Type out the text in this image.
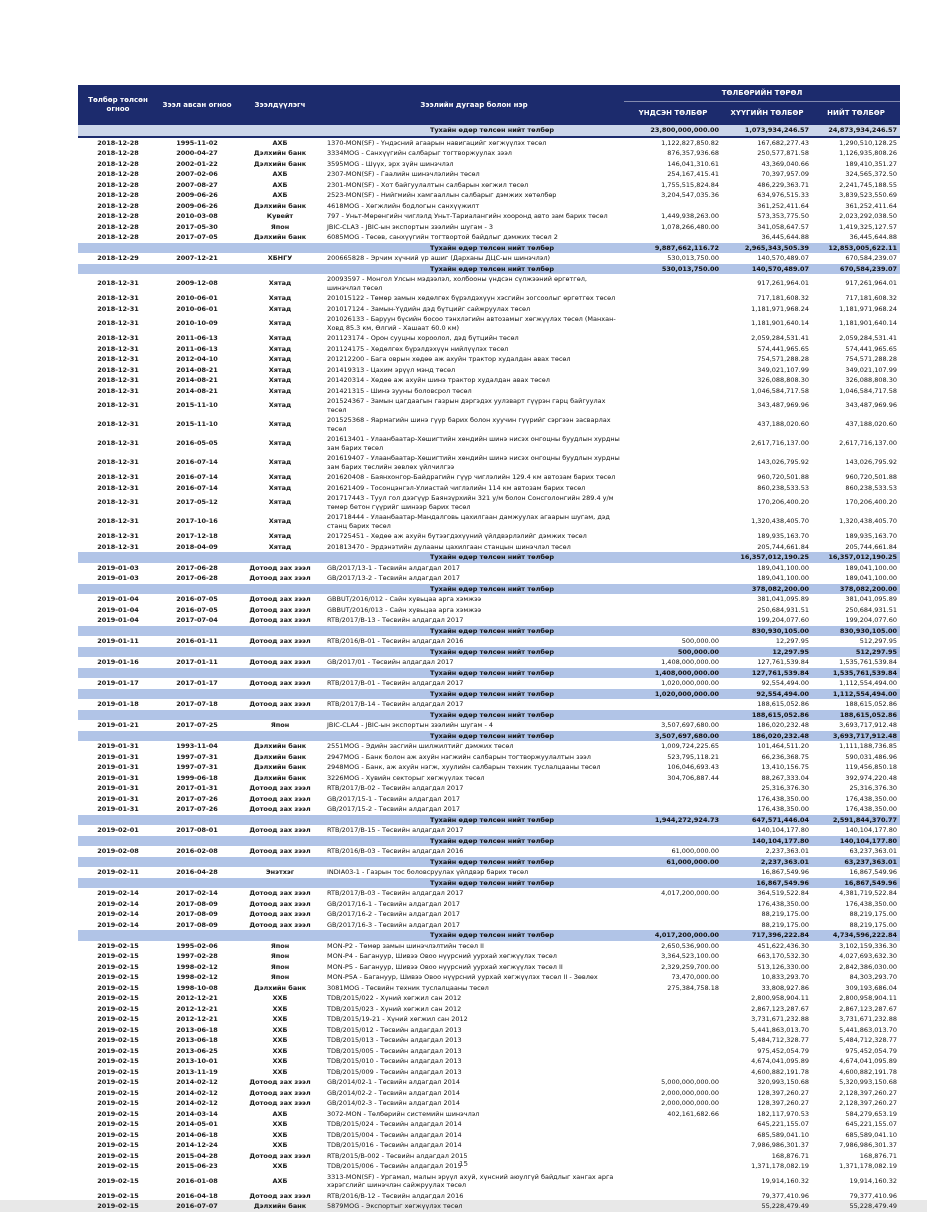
Төлбөр төлсөн огноо	Зээл авсан огноо	Зээлдүүлэгч	Зээлийн дугаар болон нэр	ТӨЛБӨРИЙН ТӨРӨЛ		
				ҮНДСЭН ТӨЛБӨР	ХҮҮГИЙН ТӨЛБӨР	НИЙТ ТӨЛБӨР
Тухайн өдөр төлсөн нийт төлбөр				23,800,000,000.00	1,073,934,246.57	24,873,934,246.57
2018-12-28	1995-11-02	АХБ	1370-MON(SF) - Үндэсний агаарын навигацийг хөгжүүлэх төсөл	1,122,827,850.82	167,682,277.43	1,290,510,128.25
2018-12-28	2000-04-27	Дэлхийн банк	3334MOG - Санхүүгийн салбарыг тогтворжуулах зээл	876,357,936.68	250,577,871.58	1,126,935,808.26
2018-12-28	2002-01-22	Дэлхийн банк	3595MOG - Шүүх, эрх зүйн шинэчлэл	146,041,310.61	43,369,040.66	189,410,351.27
2018-12-28	2007-02-06	АХБ	2307-MON(SF) - Гаалийн шинэчлэлийн төсөл	254,167,415.41	70,397,957.09	324,565,372.50
2018-12-28	2007-08-27	АХБ	2301-MON(SF) - Хот байгуулалтын салбарын хөгжил төсөл	1,755,515,824.84	486,229,363.71	2,241,745,188.55
2018-12-28	2009-06-26	АХБ	2523-MON(SF) - Нийгмийн хамгааллын салбарыг дэмжих хөтөлбөр	3,204,547,035.36	634,976,515.33	3,839,523,550.69
2018-12-28	2009-06-26	Дэлхийн банк	4618MOG - Хөгжлийн бодлогын санхүүжилт		361,252,411.64	361,252,411.64
2018-12-28	2010-03-08	Кувейт	797 - Уньт-Мөрөнгийн чиглэлд Уньт-Тариалангийн хооронд авто зам барих төсөл	1,449,938,263.00	573,353,775.50	2,023,292,038.50
2018-12-28	2017-05-30	Япон	JBIC-CLA3 - JBIC-ын экспортын зээлийн шугам - 3	1,078,266,480.00	341,058,647.57	1,419,325,127.57
2018-12-28	2017-07-05	Дэлхийн банк	6085MOG - Төсөв, санхүүгийн тогтвортой байдлыг дэмжих төсөл 2		36,445,644.88	36,445,644.88
Тухайн өдөр төлсөн нийт төлбөр				9,887,662,116.72	2,965,343,505.39	12,853,005,622.11
2018-12-29	2007-12-21	ХБНГУ	200665828 - Эрчим хүчний үр ашиг (Дарханы ДЦС-ын шинэчлэл)	530,013,750.00	140,570,489.07	670,584,239.07
Тухайн өдөр төлсөн нийт төлбөр				530,013,750.00	140,570,489.07	670,584,239.07
2018-12-31	2009-12-08	Хятад	20093597 - Монгол Улсын мэдээлэл, холбооны үндсэн сүлжээний өргөтгөл, шинэчлэл төсөл		917,261,964.01	917,261,964.01
2018-12-31	2010-06-01	Хятад	201015122 - Төмөр замын хөдөлгөх бүрэлдэхүүн хэсгийн зогсоолыг өргөтгөх төсөл		717,181,608.32	717,181,608.32
2018-12-31	2010-06-01	Хятад	201017124 - Замын-Үүдийн дэд бүтцийг сайжруулах төсөл		1,181,971,968.24	1,181,971,968.24
2018-12-31	2010-10-09	Хятад	201026133 - Баруун бүсийн босоо тэнхлэгийн автозамыг хөгжүүлэх төсөл (Манхан-Ховд 85.3 км, Өлгий - Хашаат 60.0 км)		1,181,901,640.14	1,181,901,640.14
2018-12-31	2011-06-13	Хятад	201123174 - Орон сууцны хороолол, дэд бүтцийн төсөл		2,059,284,531.41	2,059,284,531.41
2018-12-31	2011-06-13	Хятад	201124175 - Хөдөлгөх бүрэлдэхүүн нийлүүлэх төсөл		574,441,965.65	574,441,965.65
2018-12-31	2012-04-10	Хятад	201212200 - Бага оврын хөдөө аж ахуйн трактор худалдан авах төсөл		754,571,288.28	754,571,288.28
2018-12-31	2014-08-21	Хятад	201419313 - Цахим эрүүл мэнд төсөл		349,021,107.99	349,021,107.99
2018-12-31	2014-08-21	Хятад	201420314 - Хөдөө аж ахуйн шинэ трактор худалдан авах төсөл		326,088,808.30	326,088,808.30
2018-12-31	2014-08-21	Хятад	201421315 - Шинэ зууны боловсрол төсөл		1,046,584,717.58	1,046,584,717.58
2018-12-31	2015-11-10	Хятад	201524367 - Замын цагдаагын газрын дэргэдэх уулзварт гүүрэн гарц байгуулах төсөл		343,487,969.96	343,487,969.96
2018-12-31	2015-11-10	Хятад	201525368 - Яармагийн шинэ гүүр барих болон хуучин гүүрийг сэргээн засварлах төсөл		437,188,020.60	437,188,020.60
2018-12-31	2016-05-05	Хятад	201613401 - Улаанбаатар-Хөшигтийн хөндийн шинэ нисэх онгоцны буудлын хурдны зам барих төсөл		2,617,716,137.00	2,617,716,137.00
2018-12-31	2016-07-14	Хятад	201619407 - Улаанбаатар-Хөшигтийн хөндийн шинэ нисэх онгоцны буудлын хурдны зам барих төслийн зөвлөх үйлчилгээ		143,026,795.92	143,026,795.92
2018-12-31	2016-07-14	Хятад	201620408 - Баянхонгор-Байдрагийн гүүр чиглэлийн 129.4 км автозам барих төсөл		960,720,501.88	960,720,501.88
2018-12-31	2016-07-14	Хятад	201621409 - Тосонцэнгэл-Улиастай чиглэлийн 114 км автозам барих төсөл		860,238,533.53	860,238,533.53
2018-12-31	2017-05-12	Хятад	201717443 - Туул гол дээгүүр Баянзүрхийн 321 у/м болон Сонсголонгийн 289.4 у/м төмөр бетон гүүрийг шинээр барих төсөл		170,206,400.20	170,206,400.20
2018-12-31	2017-10-16	Хятад	201718444 - Улаанбаатар-Мандалговь цахилгаан дамжуулах агаарын шугам, дэд станц барих төсөл		1,320,438,405.70	1,320,438,405.70
2018-12-31	2017-12-18	Хятад	201725451 - Хөдөө аж ахуйн бүтээгдэхүүний үйлдвэрлэлийг дэмжих төсөл		189,935,163.70	189,935,163.70
2018-12-31	2018-04-09	Хятад	201813470 - Эрдэнэтийн дулааны цахилгаан станцын шинэчлэл төсөл		205,744,661.84	205,744,661.84
Тухайн өдөр төлсөн нийт төлбөр					16,357,012,190.25	16,357,012,190.25
2019-01-03	2017-06-28	Дотоод зах зээл	GB/2017/13-1 - Төсвийн алдагдал 2017		189,041,100.00	189,041,100.00
2019-01-03	2017-06-28	Дотоод зах зээл	GB/2017/13-2 - Төсвийн алдагдал 2017		189,041,100.00	189,041,100.00
Тухайн өдөр төлсөн нийт төлбөр					378,082,200.00	378,082,200.00
2019-01-04	2016-07-05	Дотоод зах зээл	GBBUT/2016/012 - Сайн хувьцаа арга хэмжээ		381,041,095.89	381,041,095.89
2019-01-04	2016-07-05	Дотоод зах зээл	GBBUT/2016/013 - Сайн хувьцаа арга хэмжээ		250,684,931.51	250,684,931.51
2019-01-04	2017-07-04	Дотоод зах зээл	RTB/2017/B-13 - Төсвийн алдагдал 2017		199,204,077.60	199,204,077.60
Тухайн өдөр төлсөн нийт төлбөр					830,930,105.00	830,930,105.00
2019-01-11	2016-01-11	Дотоод зах зээл	RTB/2016/B-01 - Төсвийн алдагдал 2016	500,000.00	12,297.95	512,297.95
Тухайн өдөр төлсөн нийт төлбөр				500,000.00	12,297.95	512,297.95
2019-01-16	2017-01-11	Дотоод зах зээл	GB/2017/01 - Төсвийн алдагдал 2017	1,408,000,000.00	127,761,539.84	1,535,761,539.84
Тухайн өдөр төлсөн нийт төлбөр				1,408,000,000.00	127,761,539.84	1,535,761,539.84
2019-01-17	2017-01-17	Дотоод зах зээл	RTB/2017/B-01 - Төсвийн алдагдал 2017	1,020,000,000.00	92,554,494.00	1,112,554,494.00
Тухайн өдөр төлсөн нийт төлбөр				1,020,000,000.00	92,554,494.00	1,112,554,494.00
2019-01-18	2017-07-18	Дотоод зах зээл	RTB/2017/B-14 - Төсвийн алдагдал 2017		188,615,052.86	188,615,052.86
Тухайн өдөр төлсөн нийт төлбөр					188,615,052.86	188,615,052.86
2019-01-21	2017-07-25	Япон	JBIC-CLA4 - JBIC-ын экспортын зээлийн шугам - 4	3,507,697,680.00	186,020,232.48	3,693,717,912.48
Тухайн өдөр төлсөн нийт төлбөр				3,507,697,680.00	186,020,232.48	3,693,717,912.48
2019-01-31	1993-11-04	Дэлхийн банк	2551MOG - Эдийн засгийн шилжилтийг дэмжих төсөл	1,009,724,225.65	101,464,511.20	1,111,188,736.85
2019-01-31	1997-07-31	Дэлхийн банк	2947MOG - Банк болон аж ахуйн нэгжийн салбарын тогтворжуулалтын зээл	523,795,118.21	66,236,368.75	590,031,486.96
2019-01-31	1997-07-31	Дэлхийн банк	2948MOG - Банк, аж ахуйн нэгж, хуулийн салбарын техник туслалцааны төсөл	106,046,693.43	13,410,156.75	119,456,850.18
2019-01-31	1999-06-18	Дэлхийн банк	3226MOG - Хувийн секторыг хөгжүүлэх төсөл	304,706,887.44	88,267,333.04	392,974,220.48
2019-01-31	2017-01-31	Дотоод зах зээл	RTB/2017/B-02 - Төсвийн алдагдал 2017		25,316,376.30	25,316,376.30
2019-01-31	2017-07-26	Дотоод зах зээл	GB/2017/15-1 - Төсвийн алдагдал 2017		176,438,350.00	176,438,350.00
2019-01-31	2017-07-26	Дотоод зах зээл	GB/2017/15-2 - Төсвийн алдагдал 2017		176,438,350.00	176,438,350.00
Тухайн өдөр төлсөн нийт төлбөр				1,944,272,924.73	647,571,446.04	2,591,844,370.77
2019-02-01	2017-08-01	Дотоод зах зээл	RTB/2017/B-15 - Төсвийн алдагдал 2017		140,104,177.80	140,104,177.80
Тухайн өдөр төлсөн нийт төлбөр					140,104,177.80	140,104,177.80
2019-02-08	2016-02-08	Дотоод зах зээл	RTB/2016/B-03 - Төсвийн алдагдал 2016	61,000,000.00	2,237,363.01	63,237,363.01
Тухайн өдөр төлсөн нийт төлбөр				61,000,000.00	2,237,363.01	63,237,363.01
2019-02-11	2016-04-28	Энэтхэг	INDIA03-1 - Газрын тос боловсруулах үйлдвэр барих төсөл		16,867,549.96	16,867,549.96
Тухайн өдөр төлсөн нийт төлбөр					16,867,549.96	16,867,549.96
2019-02-14	2017-02-14	Дотоод зах зээл	RTB/2017/B-03 - Төсвийн алдагдал 2017	4,017,200,000.00	364,519,522.84	4,381,719,522.84
2019-02-14	2017-08-09	Дотоод зах зээл	GB/2017/16-1 - Төсвийн алдагдал 2017		176,438,350.00	176,438,350.00
2019-02-14	2017-08-09	Дотоод зах зээл	GB/2017/16-2 - Төсвийн алдагдал 2017		88,219,175.00	88,219,175.00
2019-02-14	2017-08-09	Дотоод зах зээл	GB/2017/16-3 - Төсвийн алдагдал 2017		88,219,175.00	88,219,175.00
Тухайн өдөр төлсөн нийт төлбөр				4,017,200,000.00	717,396,222.84	4,734,596,222.84
2019-02-15	1995-02-06	Япон	MON-P2 - Төмөр замын шинэчлэлтийн төсөл II	2,650,536,900.00	451,622,436.30	3,102,159,336.30
2019-02-15	1997-02-28	Япон	MON-P4 - Багануур, Шивээ Овоо нүүрсний уурхай хөгжүүлэх төсөл	3,364,523,100.00	663,170,532.30	4,027,693,632.30
2019-02-15	1998-02-12	Япон	MON-P5 - Багануур, Шивээ Овоо нүүрсний уурхай хөгжүүлэх төсөл II	2,329,259,700.00	513,126,330.00	2,842,386,030.00
2019-02-15	1998-02-12	Япон	MON-P5A - Багануур, Шивээ Овоо нүүрсний уурхай хөгжүүлэх төсөл II - Зөвлөх	73,470,000.00	10,833,293.70	84,303,293.70
2019-02-15	1998-10-08	Дэлхийн банк	3081MOG - Төсвийн техник туслалцааны төсөл	275,384,758.18	33,808,927.86	309,193,686.04
2019-02-15	2012-12-21	ХХБ	TDB/2015/022 - Хүний хөгжил сан 2012		2,800,958,904.11	2,800,958,904.11
2019-02-15	2012-12-21	ХХБ	TDB/2015/023 - Хүний хөгжил сан 2012		2,867,123,287.67	2,867,123,287.67
2019-02-15	2012-12-21	ХХБ	TDB/2015/19-21 - Хүний хөгжил сан 2012		3,731,671,232.88	3,731,671,232.88
2019-02-15	2013-06-18	ХХБ	TDB/2015/012 - Төсвийн алдагдал 2013		5,441,863,013.70	5,441,863,013.70
2019-02-15	2013-06-18	ХХБ	TDB/2015/013 - Төсвийн алдагдал 2013		5,484,712,328.77	5,484,712,328.77
2019-02-15	2013-06-25	ХХБ	TDB/2015/005 - Төсвийн алдагдал 2013		975,452,054.79	975,452,054.79
2019-02-15	2013-10-01	ХХБ	TDB/2015/010 - Төсвийн алдагдал 2013		4,674,041,095.89	4,674,041,095.89
2019-02-15	2013-11-19	ХХБ	TDB/2015/009 - Төсвийн алдагдал 2013		4,600,882,191.78	4,600,882,191.78
2019-02-15	2014-02-12	Дотоод зах зээл	GB/2014/02-1 - Төсвийн алдагдал 2014	5,000,000,000.00	320,993,150.68	5,320,993,150.68
2019-02-15	2014-02-12	Дотоод зах зээл	GB/2014/02-2 - Төсвийн алдагдал 2014	2,000,000,000.00	128,397,260.27	2,128,397,260.27
2019-02-15	2014-02-12	Дотоод зах зээл	GB/2014/02-3 - Төсвийн алдагдал 2014	2,000,000,000.00	128,397,260.27	2,128,397,260.27
2019-02-15	2014-03-14	АХБ	3072-MON - Төлбөрийн системийн шинэчлэл	402,161,682.66	182,117,970.53	584,279,653.19
2019-02-15	2014-05-01	ХХБ	TDB/2015/024 - Төсвийн алдагдал 2014		645,221,155.07	645,221,155.07
2019-02-15	2014-06-18	ХХБ	TDB/2015/004 - Төсвийн алдагдал 2014		685,589,041.10	685,589,041.10
2019-02-15	2014-12-24	ХХБ	TDB/2015/016 - Төсвийн алдагдал 2014		7,986,986,301.37	7,986,986,301.37
2019-02-15	2015-04-28	Дотоод зах зээл	RTB/2015/B-002 - Төсвийн алдагдал 2015		168,876.71	168,876.71
2019-02-15	2015-06-23	ХХБ	TDB/2015/006 - Төсвийн алдагдал 2015		1,371,178,082.19	1,371,178,082.19
2019-02-15	2016-01-08	АХБ	3313-MON(SF) - Ургамал, малын эрүүл ахуй, хүнсний аюулгүй байдлыг хангах арга хэрэгслийг шинэчлэн сайжруулах төсөл		19,914,160.32	19,914,160.32
2019-02-15	2016-04-18	Дотоод зах зээл	RTB/2016/B-12 - Төсвийн алдагдал 2016		79,377,410.96	79,377,410.96
2019-02-15	2016-07-07	Дэлхийн банк	5879MOG - Экспортыг хөгжүүлэх төсөл		55,228,479.49	55,228,479.49
15
